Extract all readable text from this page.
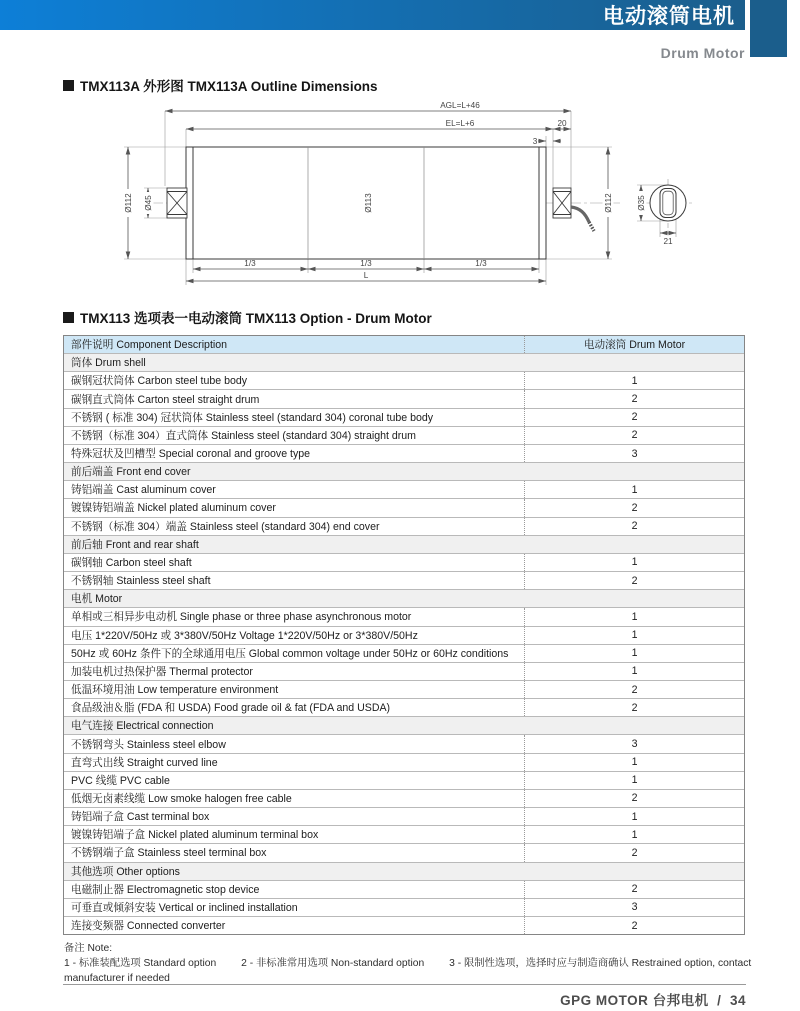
电动滚筒电机
Drum Motor
TMX113A 外形图 TMX113A Outline Dimensions
AGL=L+46
EL=L+6	20
3
1/3	1/3	1/3
L
21
Ø112 Ø45	Ø113	Ø112	Ø35
TMX113 选项表一电动滚筒 TMX113 Option - Drum Motor
部件说明 Component Description	电动滚筒 Drum Motor
筒体 Drum shell
碳钢冠状筒体 Carbon steel tube body	1
碳钢直式筒体 Carton steel straight drum	2
不锈钢 ( 标准 304) 冠状筒体 Stainless steel (standard 304) coronal tube body	2
不锈钢（标准 304）直式筒体 Stainless steel (standard 304) straight drum	2
特殊冠状及凹槽型 Special coronal and groove type	3
前后端盖 Front end cover
铸铝端盖 Cast aluminum cover	1
镀镍铸铝端盖 Nickel plated aluminum cover	2
不锈钢（标准 304）端盖 Stainless steel (standard 304) end cover	2
前后轴 Front and rear shaft
碳钢轴 Carbon steel shaft	1
不锈钢轴 Stainless steel shaft	2
电机 Motor
单相或三相异步电动机 Single phase or three phase asynchronous motor	1
电压 1*220V/50Hz 或 3*380V/50Hz Voltage 1*220V/50Hz or 3*380V/50Hz	1
50Hz 或 60Hz 条件下的全球通用电压 Global common voltage under 50Hz or 60Hz conditions	1
加装电机过热保护器 Thermal protector	1
低温环境用油 Low temperature environment	2
食品级油＆脂 (FDA 和 USDA) Food grade oil & fat (FDA and USDA)	2
电气连接 Electrical connection
不锈钢弯头 Stainless steel elbow	3
直弯式出线 Straight curved line	1
PVC 线缆 PVC cable	1
低烟无卤素线缆 Low smoke halogen free cable	2
铸铝端子盒 Cast terminal box	1
镀镍铸铝端子盒 Nickel plated aluminum terminal box	1
不锈钢端子盒 Stainless steel terminal box	2
其他选项 Other options
电磁制止器 Electromagnetic stop device	2
可垂直或倾斜安装 Vertical or inclined installation	3
连接变频器 Connected converter	2
备注 Note:
1 - 标准装配选项 Standard option 2 - 非标准常用选项 Non-standard option 3 - 限制性选项，选择时应与制造商确认 Restrained option, contact manufacturer if needed
GPG MOTOR 台邦电机 / 34
